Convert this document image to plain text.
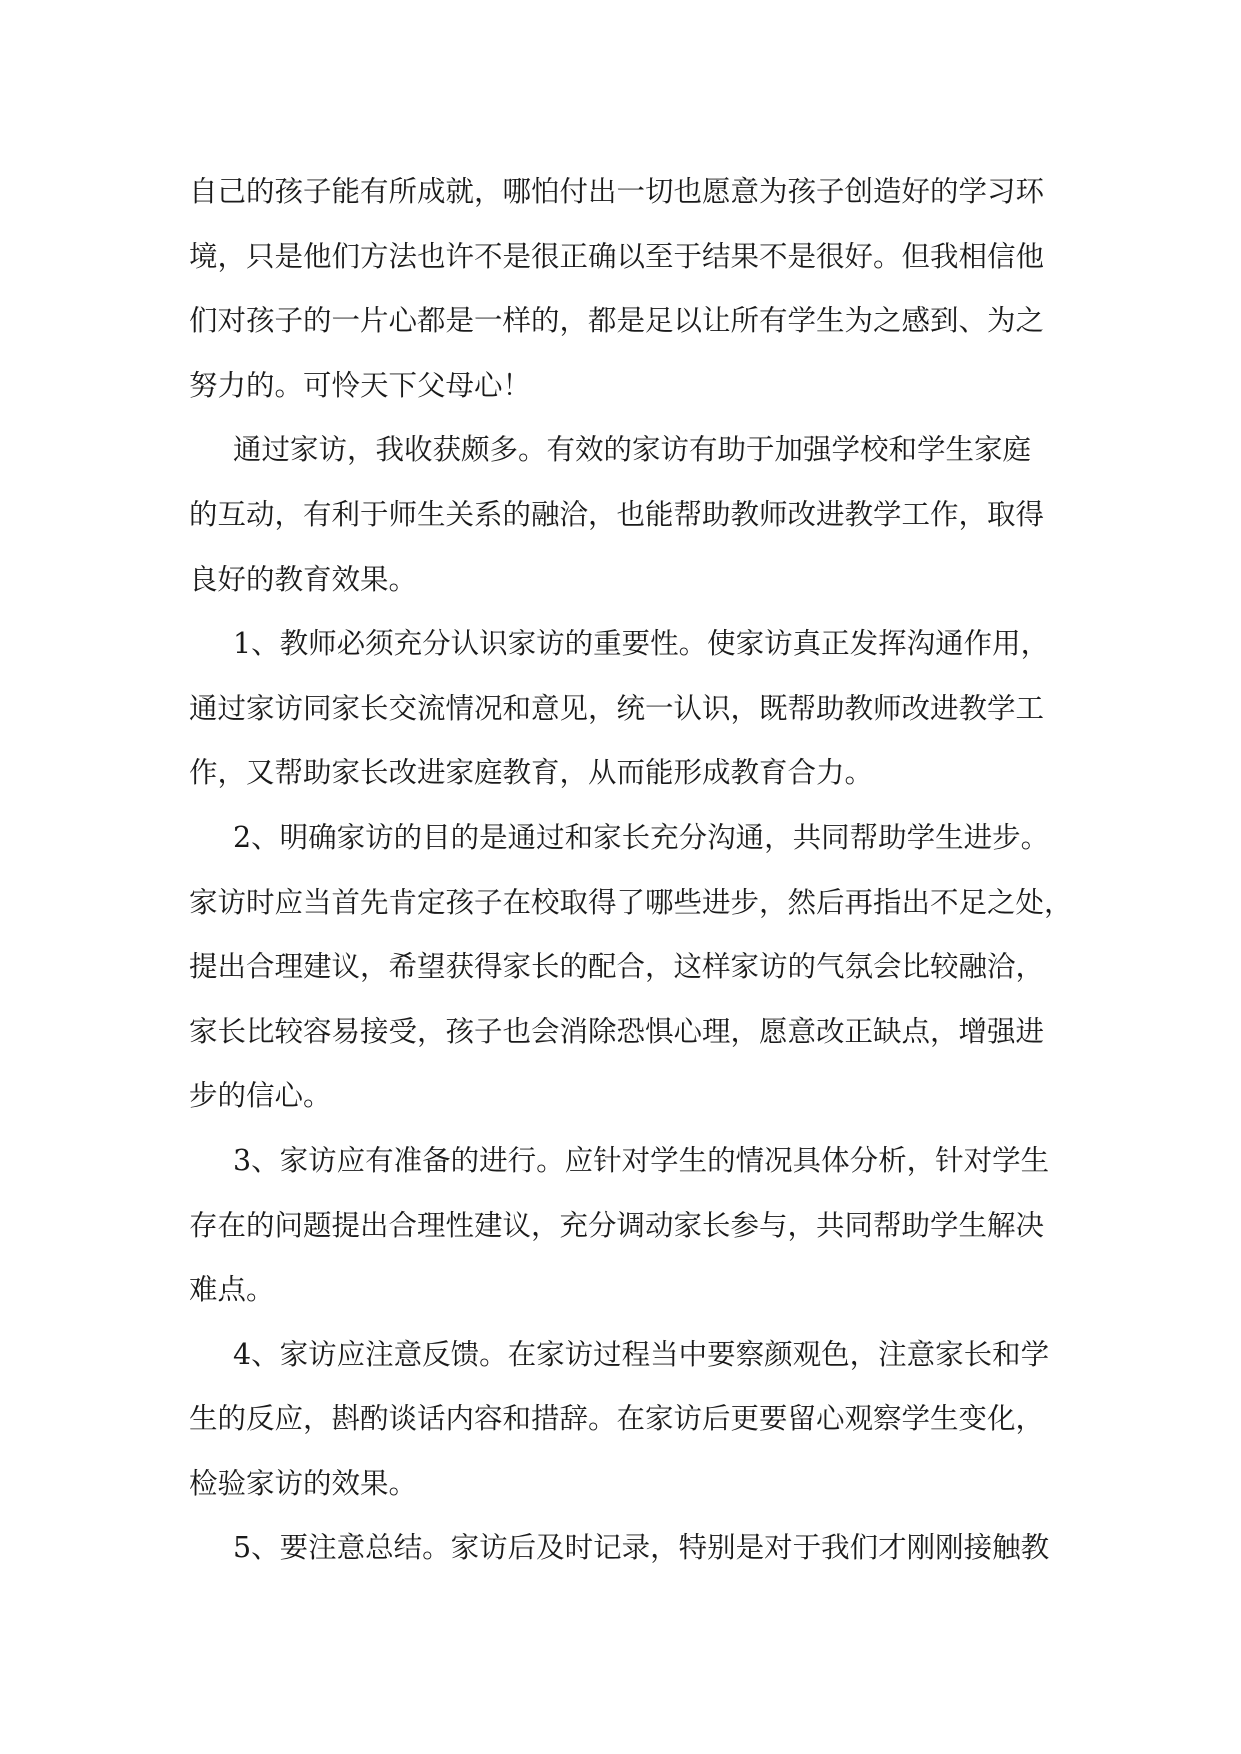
自己的孩子能有所成就，哪怕付出一切也愿意为孩子创造好的学习环
境，只是他们方法也许不是很正确以至于结果不是很好。但我相信他
们对孩子的一片心都是一样的，都是足以让所有学生为之感到、为之
努力的。可怜天下父母心！
通过家访，我收获颇多。有效的家访有助于加强学校和学生家庭
的互动，有利于师生关系的融洽，也能帮助教师改进教学工作，取得
良好的教育效果。
1、教师必须充分认识家访的重要性。使家访真正发挥沟通作用，
通过家访同家长交流情况和意见，统一认识，既帮助教师改进教学工
作，又帮助家长改进家庭教育，从而能形成教育合力。
2、明确家访的目的是通过和家长充分沟通，共同帮助学生进步。
家访时应当首先肯定孩子在校取得了哪些进步，然后再指出不足之处，
提出合理建议，希望获得家长的配合，这样家访的气氛会比较融洽，
家长比较容易接受，孩子也会消除恐惧心理，愿意改正缺点，增强进
步的信心。
3、家访应有准备的进行。应针对学生的情况具体分析，针对学生
存在的问题提出合理性建议，充分调动家长参与，共同帮助学生解决
难点。
4、家访应注意反馈。在家访过程当中要察颜观色，注意家长和学
生的反应，斟酌谈话内容和措辞。在家访后更要留心观察学生变化，
检验家访的效果。
5、要注意总结。家访后及时记录，特别是对于我们才刚刚接触教
